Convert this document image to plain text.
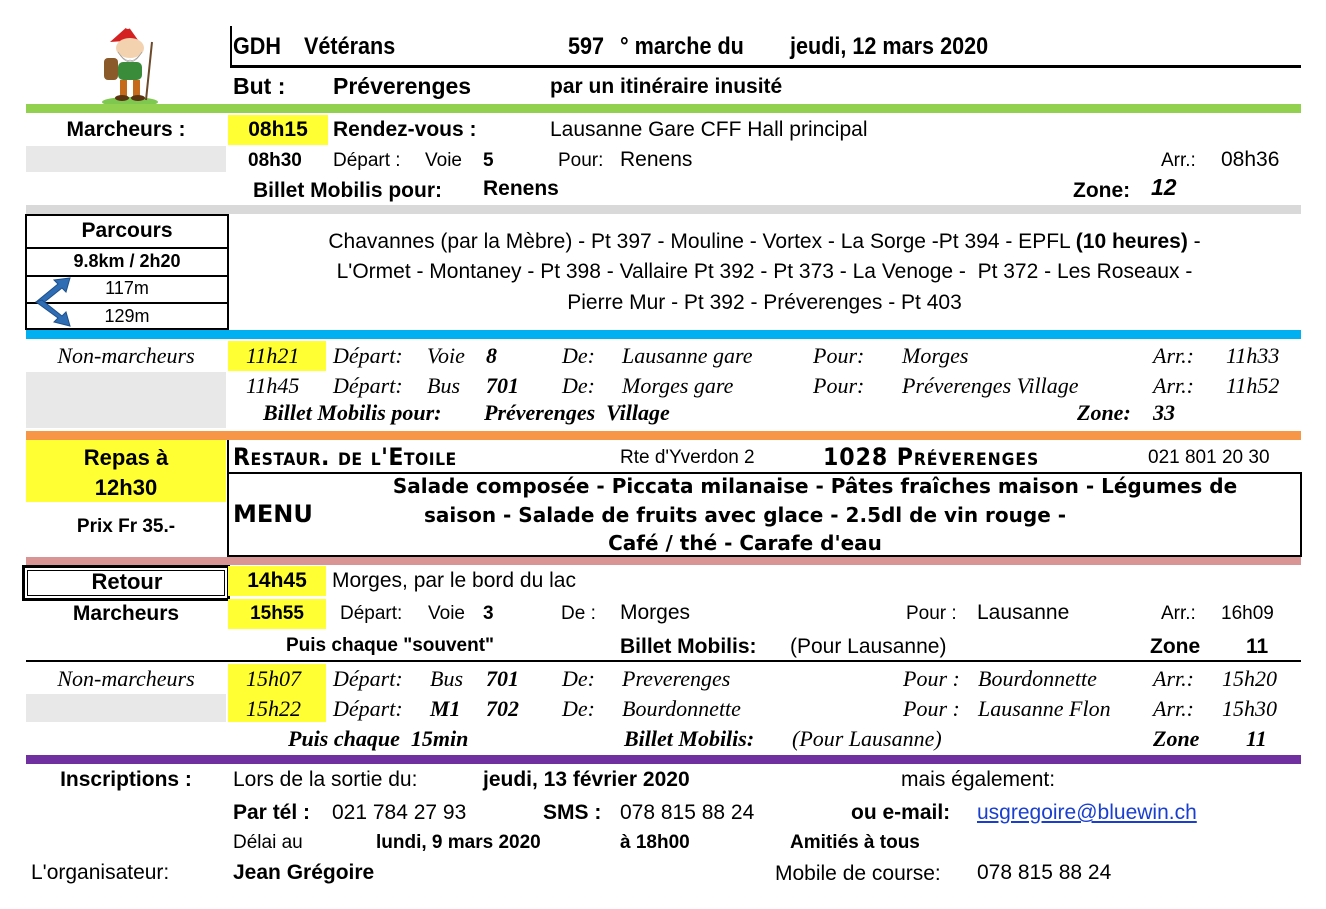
GDH Vétérans	597 ° marche du jeudi, 12 mars 2020
But : Préverenges	par un itinéraire inusité
Marcheurs :	08h15	Rendez-vous :	Lausanne Gare CFF Hall principal
08h30 Départ : Voie 5	Pour: Renens	Arr.: 08h36
Billet Mobilis pour: Renens	Zone: 12
Parcours
9.8km / 2h20
117m
129m
Chavannes (par la Mèbre) - Pt 397 - Mouline - Vortex - La Sorge -Pt 394 - EPFL (10 heures) -
L'Ormet - Montaney - Pt 398 - Vallaire Pt 392 - Pt 373 - La Venoge -  Pt 372 - Les Roseaux -
Pierre Mur - Pt 392 - Préverenges - Pt 403
Non-marcheurs	11h21 Départ: Voie 8	De: Lausanne gare	Pour: Morges	Arr.: 11h33
11h45 Départ: Bus 701 De: Morges gare	Pour: Préverenges Village	Arr.: 11h52
Billet Mobilis pour: Préverenges  Village	Zone: 33
Repas à
12h30
Prix Fr 35.-
Restaur. de l'Etoile	Rte d'Yverdon 2	1028 Préverenges	021 801 20 30
MENU
Salade composée - Piccata milanaise - Pâtes fraîches maison - Légumes de
saison - Salade de fruits avec glace - 2.5dl de vin rouge -
Café / thé - Carafe d'eau
Retour	14h45	Morges, par le bord du lac
Marcheurs	15h55	Départ: Voie 3	De : Morges	Pour : Lausanne	Arr.: 16h09
Puis chaque "souvent"	Billet Mobilis: (Pour Lausanne)	Zone 11
Non-marcheurs	15h07 Départ: Bus 701 De: Preverenges	Pour : Bourdonnette	Arr.: 15h20
15h22 Départ: M1 702 De: Bourdonnette	Pour : Lausanne Flon Arr.: 15h30
Puis chaque  15min	Billet Mobilis: (Pour Lausanne)	Zone 11
Inscriptions :	Lors de la sortie du:	jeudi, 13 février 2020	mais également:
Par tél : 021 784 27 93	SMS : 078 815 88 24	ou e-mail: usgregoire@bluewin.ch
Délai au	lundi, 9 mars 2020	à 18h00	Amitiés à tous
L'organisateur:	Jean Grégoire	Mobile de course: 078 815 88 24
